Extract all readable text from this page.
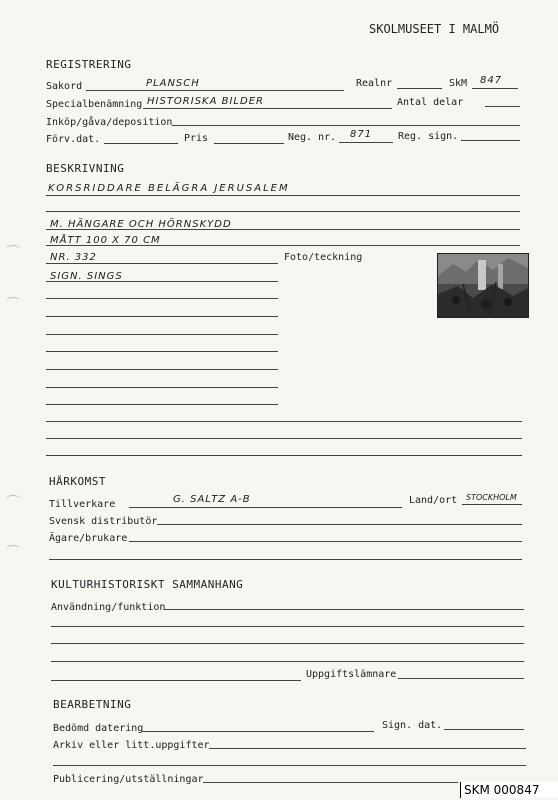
SKOLMUSEET I MALMÖ
REGISTRERING
Sakord	PLANSCH	Realnr	SkM 847
Specialbenämning HISTORISKA BILDER	Antal delar
Inköp/gåva/deposition
Förv.dat.	Pris	Neg. nr. 871	Reg. sign.
BESKRIVNING
KORSRIDDARE BELÄGRA JERUSALEM
M. HÄNGARE OCH HÖRNSKYDD
MÅTT 100 X 70 CM
NR. 332	Foto/teckning
SIGN. SINGS
HÄRKOMST
Tillverkare	G. SALTZ A-B	Land/ort STOCKHOLM
Svensk distributör
Ägare/brukare
KULTURHISTORISKT SAMMANHANG
Användning/funktion
Uppgiftslämnare
BEARBETNING
Bedömd datering	Sign. dat.
Arkiv eller litt.uppgifter
Publicering/utställningar
SKM 000847
